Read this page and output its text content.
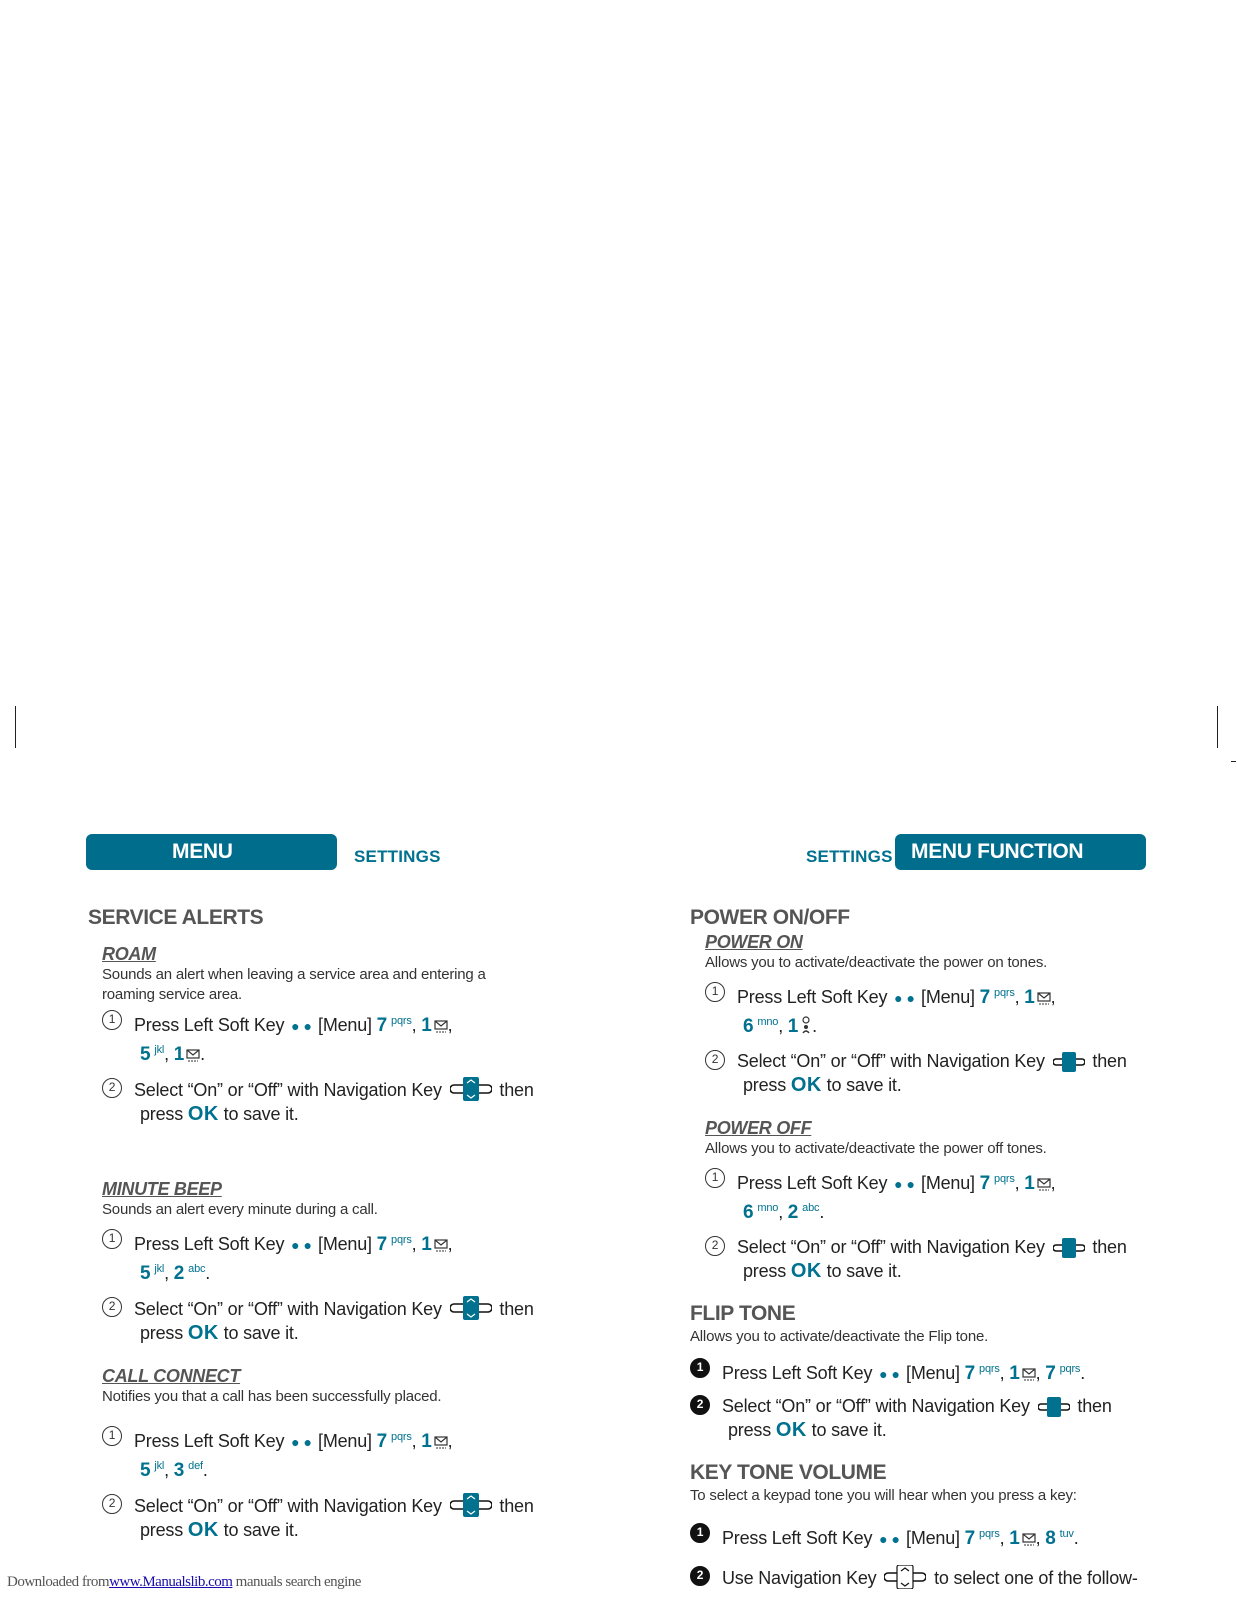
MENU FUNCTION
SETTINGS	SETTINGS MENU FUNCTION
SERVICE ALERTS
ROAM

Sounds an alert when leaving a service area and entering a roaming service area.

1	Press Left Soft Key ●● [Menu] 7 $^{pqrs}$, 1 ,
5 $^{jkl}$, 1 .
2	Select “On” or “Off” with Navigation Key	then
press OK to save it.
MINUTE BEEP

Sounds an alert every minute during a call.

1	Press Left Soft Key ●● [Menu] 7 $^{pqrs}$, 1 ,
5 $^{jkl}$, 2 $^{abc}$.
2	Select “On” or “Off” with Navigation Key	then
press OK to save it.
CALL CONNECT

Notifies you that a call has been successfully placed.

1	Press Left Soft Key ●● [Menu] 7 $^{pqrs}$, 1 ,
5 $^{jkl}$, 3 $^{def}$.
2	Select “On” or “Off” with Navigation Key	then
press OK to save it.
POWER ON/OFF
POWER ON

Allows you to activate/deactivate the power on tones.

1	Press Left Soft Key ●● [Menu] 7 $^{pqrs}$, 1 ,
6 $^{mno}$, 1 .
2	Select “On” or “Off” with Navigation Key	then
press OK to save it.
POWER OFF

Allows you to activate/deactivate the power off tones.

1	Press Left Soft Key ●● [Menu] 7 $^{pqrs}$, 1 ,
6 $^{mno}$, 2 $^{abc}$.
2	Select “On” or “Off” with Navigation Key	then
press OK to save it.
FLIP TONE

Allows you to activate/deactivate the Flip tone.

1	Press Left Soft Key ●● [Menu] 7 $^{pqrs}$, 1 , 7 $^{pqrs}$.
2	Select “On” or “Off” with Navigation Key	then
press OK to save it.
KEY TONE VOLUME

To select a keypad tone you will hear when you press a key:

1	Press Left Soft Key ●● [Menu] 7 $^{pqrs}$, 1 , 8 $^{tuv}$.
2	Use Navigation Key	to select one of the follow-
Downloaded fromwww.Manualslib.com manuals search engine
